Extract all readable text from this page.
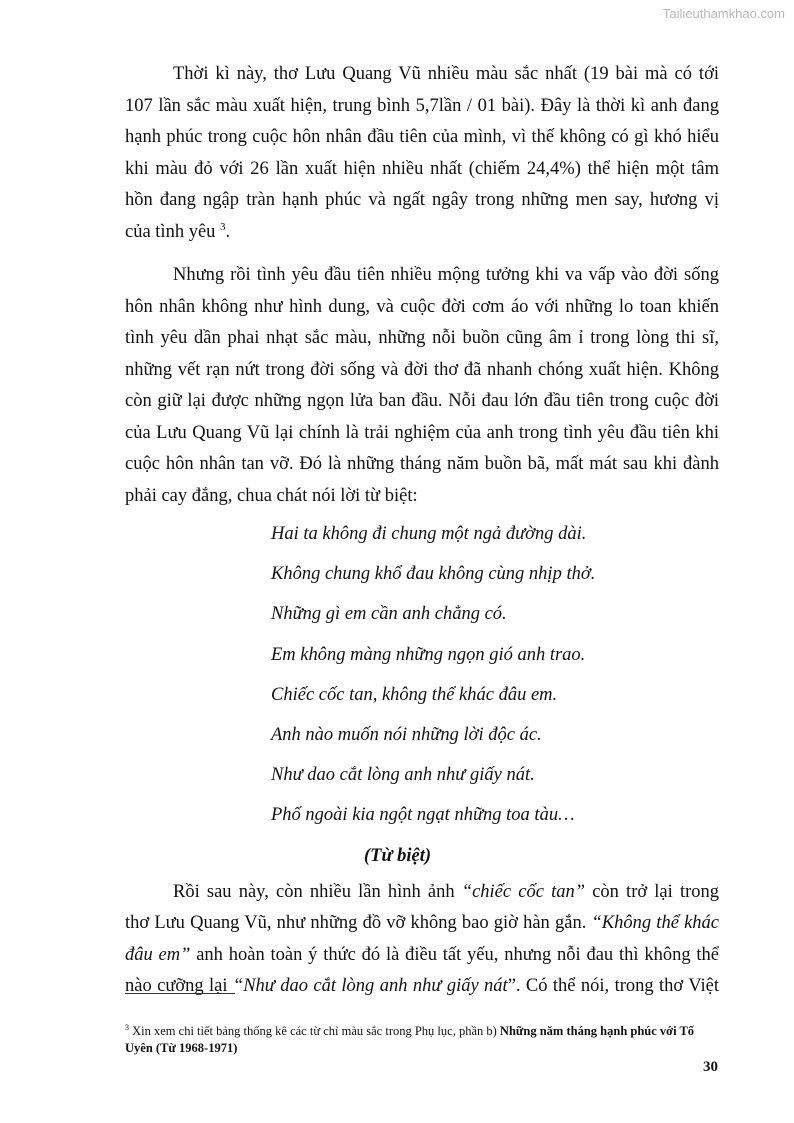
Tailieuthamkhao.com

Thời kì này, thơ Lưu Quang Vũ nhiều màu sắc nhất (19 bài mà có tới
107 lần sắc màu xuất hiện, trung bình 5,7lần / 01 bài). Đây là thời kì anh đang
hạnh phúc trong cuộc hôn nhân đầu tiên của mình, vì thế không có gì khó hiểu
khi màu đỏ với 26 lần xuất hiện nhiều nhất (chiếm 24,4%) thể hiện một tâm
hồn đang ngập tràn hạnh phúc và ngất ngây trong những men say, hương vị
của tình yêu $^3$.

Nhưng rồi tình yêu đầu tiên nhiều mộng tưởng khi va vấp vào đời sống
hôn nhân không như hình dung, và cuộc đời cơm áo với những lo toan khiến
tình yêu dần phai nhạt sắc màu, những nỗi buồn cũng âm ỉ trong lòng thi sĩ,
những vết rạn nứt trong đời sống và đời thơ đã nhanh chóng xuất hiện. Không
còn giữ lại được những ngọn lửa ban đầu. Nỗi đau lớn đầu tiên trong cuộc đời
của Lưu Quang Vũ lại chính là trải nghiệm của anh trong tình yêu đầu tiên khi
cuộc hôn nhân tan vỡ. Đó là những tháng năm buồn bã, mất mát sau khi đành
phải cay đắng, chua chát nói lời từ biệt:

Hai ta không đi chung một ngả đường dài.
Không chung khổ đau không cùng nhịp thở.
Những gì em cần anh chẳng có.
Em không màng những ngọn gió anh trao.
Chiếc cốc tan, không thể khác đâu em.
Anh nào muốn nói những lời độc ác.
Như dao cắt lòng anh như giấy nát.
Phố ngoài kia ngột ngạt những toa tàu…
(Từ biệt)

Rồi sau này, còn nhiều lần hình ảnh “chiếc cốc tan” còn trở lại trong
thơ Lưu Quang Vũ, như những đồ vỡ không bao giờ hàn gắn. “Không thể khác
đâu em” anh hoàn toàn ý thức đó là điều tất yếu, nhưng nỗi đau thì không thể
nào cưỡng lại “Như dao cắt lòng anh như giấy nát”. Có thể nói, trong thơ Việt

$^3$ Xin xem chi tiết bảng thống kê các từ chỉ màu sắc trong Phụ lục, phần b) Những năm tháng hạnh phúc với Tố Uyên (Từ 1968-1971)
30
